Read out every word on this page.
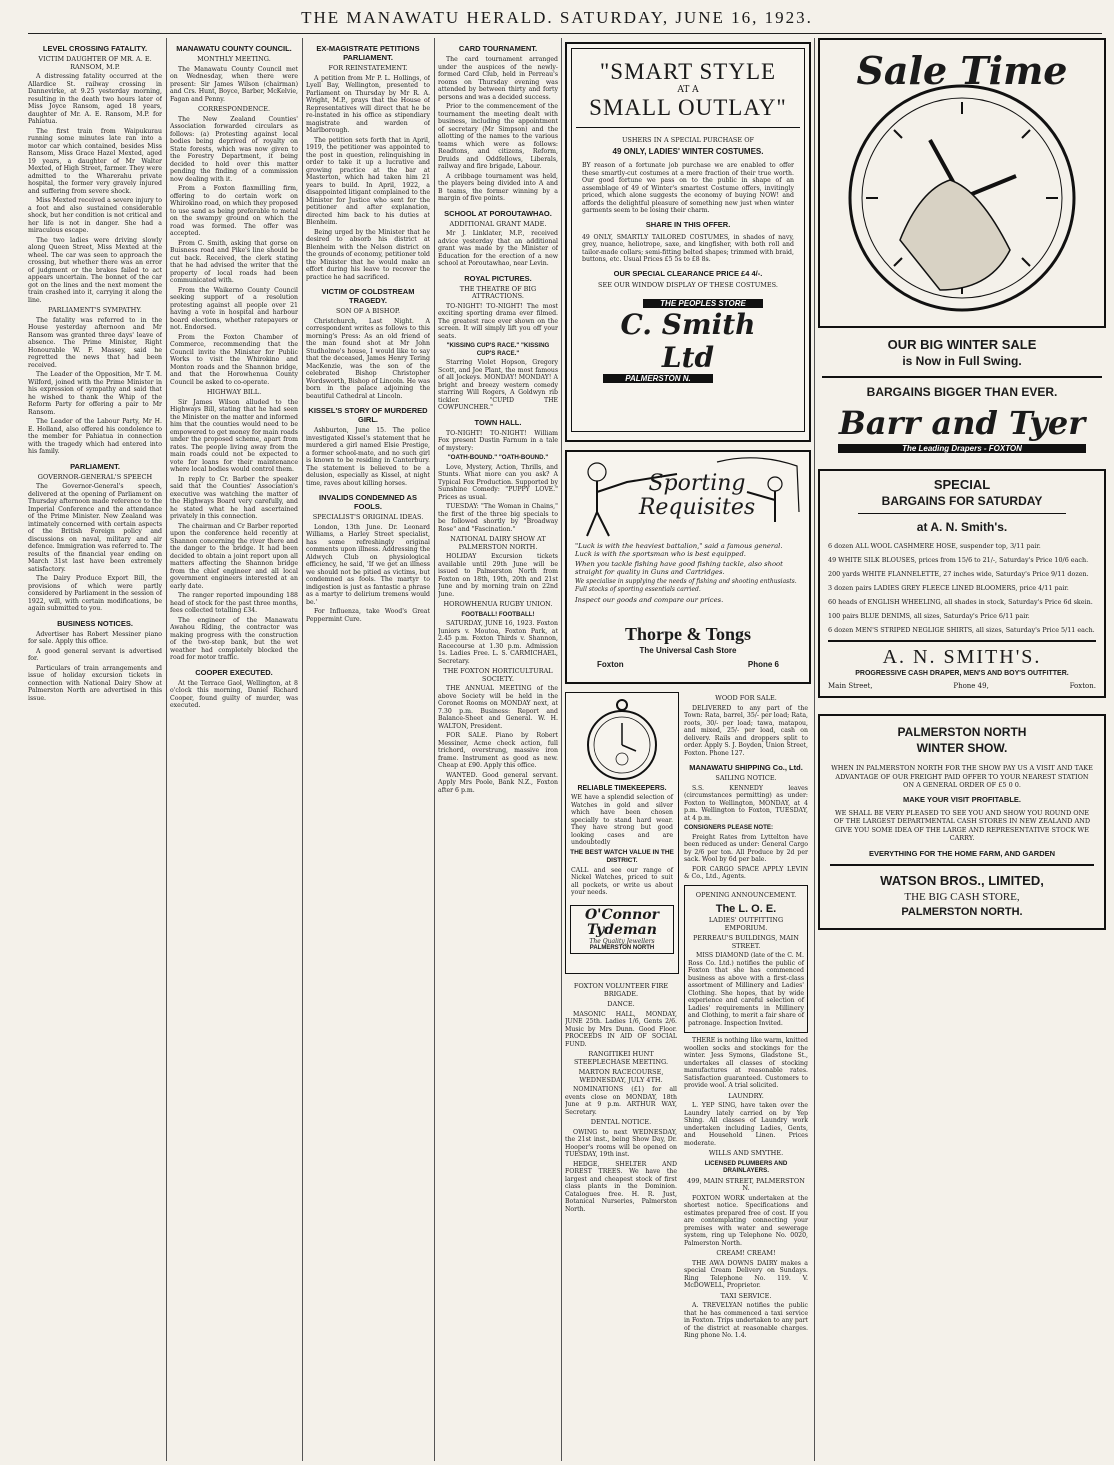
THE MANAWATU HERALD. SATURDAY, JUNE 16, 1923.
LEVEL CROSSING FATALITY.
VICTIM DAUGHTER OF MR. A. E. RANSOM, M.P.

A distressing fatality occurred at the Allardice St. railway crossing in Dannevirke, at 9.25 yesterday morning, resulting in the death two hours later of Miss Joyce Ransom, aged 18 years, daughter of Mr. A. E. Ransom, M.P. for Pahiatua.

The first train from Waipukurau running some minutes late ran into a motor car which contained, besides Miss Ransom, Miss Grace Hazel Mexted, aged 19 years, a daughter of Mr Walter Mexted, of High Street, farmer. They were admitted to the Wharerahu private hospital, the former very gravely injured and suffering from severe shock.

Miss Mexted received a severe injury to a foot and also sustained considerable shock, but her condition is not critical and her life is not in danger. She had a miraculous escape.

The two ladies were driving slowly along Queen Street, Miss Mexted at the wheel. The car was seen to approach the crossing, but whether there was an error of judgment or the brakes failed to act appears uncertain. The bonnet of the car got on the lines and the next moment the train crashed into it, carrying it along the line.

PARLIAMENT'S SYMPATHY.

The fatality was referred to in the House yesterday afternoon and Mr Ransom was granted three days' leave of absence. The Prime Minister, Right Honourable W. F. Massey, said he regretted the news that had been received.

The Leader of the Opposition, Mr T. M. Wilford, joined with the Prime Minister in his expression of sympathy and said that he wished to thank the Whip of the Reform Party for offering a pair to Mr Ransom.

The Leader of the Labour Party, Mr H. E. Holland, also offered his condolence to the member for Pahiatua in connection with the tragedy which had entered into his family.

PARLIAMENT.
GOVERNOR-GENERAL'S SPEECH

The Governor-General's speech, delivered at the opening of Parliament on Thursday afternoon made reference to the Imperial Conference and the attendance of the Prime Minister. New Zealand was intimately concerned with certain aspects of the British Foreign policy and discussions on naval, military and air defence. Immigration was referred to. The results of the financial year ending on March 31st last have been extremely satisfactory.

The Dairy Produce Export Bill, the provisions of which were partly considered by Parliament in the session of 1922, will, with certain modifications, be again submitted to you.

BUSINESS NOTICES.

Advertiser has Robert Messiner piano for sale. Apply this office.

A good general servant is advertised for.

Particulars of train arrangements and issue of holiday excursion tickets in connection with National Dairy Show at Palmerston North are advertised in this issue.

MANAWATU COUNTY COUNCIL.
MONTHLY MEETING.

The Manawatu County Council met on Wednesday, when there were present: Sir James Wilson (chairman) and Crs. Hunt, Boyce, Barber, McKelvie, Fagan and Penny.

CORRESPONDENCE.

The New Zealand Counties' Association forwarded circulars as follows: (a) Protesting against local bodies being deprived of royalty on State forests, which was now given to the Forestry Department, it being decided to hold over this matter pending the finding of a commission now dealing with it.

From a Foxton flaxmilling firm, offering to do certain work on Whirokino road, on which they proposed to use sand as being preferable to metal on the swampy ground on which the road was formed. The offer was accepted.

From C. Smith, asking that gorse on Buisness road and Pike's line should be cut back. Received, the clerk stating that he had advised the writer that the property of local roads had been communicated with.

From the Waikerno County Council seeking support of a resolution protesting against all people over 21 having a vote in hospital and harbour board elections, whether ratepayers or not. Endorsed.

From the Foxton Chamber of Commerce, recommending that the Council invite the Minister for Public Works to visit the Whirokino and Monton roads and the Shannon bridge, and that the Horowhenua County Council be asked to co-operate.

HIGHWAY BILL.

Sir James Wilson alluded to the Highways Bill, stating that he had seen the Minister on the matter and informed him that the counties would need to be empowered to get money for main roads under the proposed scheme, apart from rates. The people living away from the main roads could not be expected to vote for loans for their maintenance where local bodies would control them.

In reply to Cr. Barber the speaker said that the Counties' Association's executive was watching the matter of the Highways Board very carefully, and he stated what he had ascertained privately in this connection.

The chairman and Cr Barber reported upon the conference held recently at Shannon concerning the river there and the danger to the bridge. It had been decided to obtain a joint report upon all matters affecting the Shannon bridge from the chief engineer and all local government engineers interested at an early date.

The ranger reported impounding 188 head of stock for the past three months, fees collected totalling £34.

The engineer of the Manawatu Awahou Riding, the contractor was making progress with the construction of the two-step bank, but the wet weather had completely blocked the road for motor traffic.

COOPER EXECUTED.

At the Terrace Gaol, Wellington, at 8 o'clock this morning, Daniel Richard Cooper, found guilty of murder, was executed.

EX-MAGISTRATE PETITIONS PARLIAMENT.
FOR REINSTATEMENT.

A petition from Mr P. L. Hollings, of Lyell Bay, Wellington, presented to Parliament on Thursday by Mr R. A. Wright, M.P., prays that the House of Representatives will direct that he be re-instated in his office as stipendiary magistrate and warden of Marlborough.

The petition sets forth that in April, 1919, the petitioner was appointed to the post in question, relinquishing in order to take it up a lucrative and growing practice at the bar at Masterton, which had taken him 21 years to build. In April, 1922, a disappointed litigant complained to the Minister for Justice who sent for the petitioner and after explanation, directed him back to his duties at Blenheim.

Being urged by the Minister that he desired to absorb his district at Blenheim with the Nelson district on the grounds of economy, petitioner told the Minister that he would make an effort during his leave to recover the practice he had sacrificed.

VICTIM OF COLDSTREAM TRAGEDY.
SON OF A BISHOP.

Christchurch, Last Night. A correspondent writes as follows to this morning's Press: As an old friend of the man found shot at Mr John Studholme's house, I would like to say that the deceased, James Henry Tering MacKenzie, was the son of the celebrated Bishop Christopher Wordsworth, Bishop of Lincoln. He was born in the palace adjoining the beautiful Cathedral at Lincoln.

KISSEL'S STORY OF MURDERED GIRL.

Ashburton, June 15. The police investigated Kissel's statement that he murdered a girl named Elsie Prestige, a former school-mate, and no such girl is known to be residing in Canterbury. The statement is believed to be a delusion, especially as Kissel, at night time, raves about killing horses.

INVALIDS CONDEMNED AS FOOLS.
SPECIALIST'S ORIGINAL IDEAS.

London, 13th June. Dr. Leonard Williams, a Harley Street specialist, has some refreshingly original comments upon illness. Addressing the Aldwych Club on physiological efficiency, he said, 'If we get an illness we should not be pitied as victims, but condemned as fools. The martyr to indigestion is just as fantastic a phrase as a martyr to delirium tremens would be.'

For Influenza, take Wood's Great Peppermint Cure.

CARD TOURNAMENT.

The card tournament arranged under the auspices of the newly-formed Card Club, held in Perreau's rooms on Thursday evening was attended by between thirty and forty persons and was a decided success.

Prior to the commencement of the tournament the meeting dealt with business, including the appointment of secretary (Mr Simpson) and the allotting of the names to the various teams which were as follows: Readtons, and citizens, Reform, Druids and Oddfellows, Liberals, railway and fire brigade, Labour.

A cribbage tournament was held, the players being divided into A and B teams, the former winning by a margin of five points.

SCHOOL AT POROUTAWHAO.
ADDITIONAL GRANT MADE.

Mr J. Linklater, M.P., received advice yesterday that an additional grant was made by the Minister of Education for the erection of a new school at Poroutawhao, near Levin.

ROYAL PICTURES.
THE THEATRE OF BIG ATTRACTIONS.

TO-NIGHT! TO-NIGHT! The most exciting sporting drama ever filmed. The greatest race ever shown on the screen. It will simply lift you off your seats.

"KISSING CUP'S RACE." "KISSING CUP'S RACE."

Starring Violet Hopson, Gregory Scott, and Joe Plant, the most famous of all Jockeys. MONDAY! MONDAY! A bright and breezy western comedy starring Will Rogers, A Goldwyn rib tickler. "CUPID THE COWPUNCHER."

TOWN HALL.

TO-NIGHT! TO-NIGHT! William Fox present Dustin Farnum in a tale of mystery:

"OATH-BOUND." "OATH-BOUND."

Love, Mystery, Action, Thrills, and Stunts. What more can you ask? A Typical Fox Production. Supported by Sunshine Comedy: "PUPPY LOVE." Prices as usual.

TUESDAY: "The Woman in Chains," the first of the three big specials to be followed shortly by "Broadway Rose" and "Fascination."

NATIONAL DAIRY SHOW AT PALMERSTON NORTH.

HOLIDAY Excursion tickets available until 29th June will be issued to Palmerston North from Foxton on 18th, 19th, 20th and 21st June and by morning train on 22nd June.

HOROWHENUA RUGBY UNION.

FOOTBALL! FOOTBALL!

SATURDAY, JUNE 16, 1923. Foxton Juniors v. Moutoa, Foxton Park, at 2.45 p.m. Foxton Thirds v. Shannon, Racecourse at 1.30 p.m. Admission 1s. Ladies Free. L. S. CARMICHAEL, Secretary.

THE FOXTON HORTICULTURAL SOCIETY.

THE ANNUAL MEETING of the above Society will be held in the Coronet Rooms on MONDAY next, at 7.30 p.m. Business: Report and Balance-Sheet and General. W. H. WALTON, President.

FOR SALE. Piano by Robert Messiner, Acme check action, full trichord, overstrung, massive iron frame. Instrument as good as new. Cheap at £90. Apply this office.

WANTED. Good general servant. Apply Mrs Poole, Bank N.Z., Foxton after 6 p.m.

"SMART STYLE
AT A
SMALL OUTLAY"
USHERS IN A SPECIAL PURCHASE OF
49 ONLY, LADIES' WINTER COSTUMES.
BY reason of a fortunate job purchase we are enabled to offer these smartly-cut costumes at a mere fraction of their true worth. Our good fortune we pass on to the public in shape of an assemblage of 49 of Winter's smartest Costume offers, invitingly priced, which alone suggests the economy of buying NOW! and affords the delightful pleasure of something new just when winter garments seem to be losing their charm.
SHARE IN THIS OFFER.
49 ONLY, SMARTLY TAILORED COSTUMES, in shades of navy, grey, nuance, heliotrope, saxe, and kingfisher, with both roll and tailor-made collars; semi-fitting belted shapes; trimmed with braid, buttons, etc. Usual Prices £5 5s to £8 8s.
OUR SPECIAL CLEARANCE PRICE £4 4/-.
SEE OUR WINDOW DISPLAY OF THESE COSTUMES.
THE PEOPLES STORE
C. Smith Ltd
PALMERSTON N.
Sporting
Requisites
"Luck is with the heaviest battalion," said a famous general. Luck is with the sportsman who is best equipped.
When you tackle fishing have good fishing tackle, also shoot straight for quality in Guns and Cartridges.
We specialise in supplying the needs of fishing and shooting enthusiasts. Full stocks of sporting essentials carried.
Inspect our goods and compare our prices.
Thorpe & Tongs
The Universal Cash Store
Foxton	Phone 6
RELIABLE TIMEKEEPERS.
WE have a splendid selection of Watches in gold and silver which have been chosen specially to stand hard wear. They have strong but good looking cases and are undoubtedly
THE BEST WATCH VALUE IN THE DISTRICT.
CALL and see our range of Nickel Watches, priced to suit all pockets, or write us about your needs.
O'Connor
Tydeman
The Quality Jewellers
PALMERSTON NORTH
FOXTON VOLUNTEER FIRE BRIGADE.
DANCE.

MASONIC HALL, MONDAY, JUNE 25th. Ladies 1/6, Gents 2/6. Music by Mrs Dunn. Good Floor. PROCEEDS IN AID OF SOCIAL FUND.

RANGITIKEI HUNT STEEPLECHASE MEETING.
MARTON RACECOURSE, WEDNESDAY, JULY 4TH.

NOMINATIONS (£1) for all events close on MONDAY, 18th June at 9 p.m. ARTHUR WAY, Secretary.

DENTAL NOTICE.

OWING to next WEDNESDAY, the 21st inst., being Show Day, Dr. Hooper's rooms will be opened on TUESDAY, 19th inst.

HEDGE, SHELTER AND FOREST TREES. We have the largest and cheapest stock of first class plants in the Dominion. Catalogues free. H. R. Just, Botanical Nurseries, Palmerston North.

WOOD FOR SALE.

DELIVERED to any part of the Town: Rata, barrel, 35/- per load; Rata, roots, 30/- per load; tawa, matapou, and mixed, 25/- per load, cash on delivery. Rails and droppers split to order. Apply S. J. Boyden, Union Street, Foxton. Phone 127.

MANAWATU SHIPPING Co., Ltd.
SAILING NOTICE.

S.S. KENNEDY leaves (circumstances permitting) as under: Foxton to Wellington, MONDAY, at 4 p.m. Wellington to Foxton, TUESDAY, at 4 p.m.

CONSIGNERS PLEASE NOTE:

Freight Rates from Lyttelton have been reduced as under: General Cargo by 2/6 per ton. All Produce by 2d per sack. Wool by 6d per bale.

FOR CARGO SPACE APPLY LEVIN & Co., Ltd., Agents.

OPENING ANNOUNCEMENT.
The L. O. E.
LADIES' OUTFITTING EMPORIUM.
PERREAU'S BUILDINGS, MAIN STREET.

MISS DIAMOND (late of the C. M. Ross Co. Ltd.) notifies the public of Foxton that she has commenced business as above with a first-class assortment of Millinery and Ladies' Clothing. She hopes, that by wide experience and careful selection of Ladies' requirements in Millinery and Clothing, to merit a fair share of patronage. Inspection Invited.

THERE is nothing like warm, knitted woollen socks and stockings for the winter. Jess Symons, Gladstone St., undertakes all classes of stocking manufactures at reasonable rates. Satisfaction guaranteed. Customers to provide wool. A trial solicited.

LAUNDRY.

L. YEP SING, have taken over the Laundry lately carried on by Yep Shing. All classes of Laundry work undertaken including Ladies, Gents, and Household Linen. Prices moderate.

WILLS AND SMYTHE.

LICENSED PLUMBERS AND DRAINLAYERS.

499, MAIN STREET, PALMERSTON N.

FOXTON WORK undertaken at the shortest notice. Specifications and estimates prepared free of cost. If you are contemplating connecting your premises with water and sewerage system, ring up Telephone No. 0020, Palmerston North.

CREAM! CREAM!

THE AWA DOWNS DAIRY makes a special Cream Delivery on Sundays. Ring Telephone No. 119. V. McDOWELL, Proprietor.

TAXI SERVICE.

A. TREVELYAN notifies the public that he has commenced a taxi service in Foxton. Trips undertaken to any part of the district at reasonable charges. Ring phone No. 1.4.

Sale Time
OUR BIG WINTER SALE
is Now in Full Swing.
BARGAINS BIGGER THAN EVER.
Barr and Tyer
The Leading Drapers - FOXTON
SPECIAL
BARGAINS FOR SATURDAY
at A. N. Smith's.
6 dozen ALL WOOL CASHMERE HOSE, suspender top, 3/11 pair.
49 WHITE SILK BLOUSES, prices from 15/6 to 21/-, Saturday's Price 10/6 each.
200 yards WHITE FLANNELETTE, 27 inches wide, Saturday's Price 9/11 dozen.
3 dozen pairs LADIES GREY FLEECE LINED BLOOMERS, price 4/11 pair.
60 heads of ENGLISH WHEELING, all shades in stock, Saturday's Price 6d skein.
100 pairs BLUE DENIMS, all sizes, Saturday's Price 6/11 pair.
6 dozen MEN'S STRIPED NEGLIGE SHIRTS, all sizes, Saturday's Price 5/11 each.
A. N. SMITH'S.
PROGRESSIVE CASH DRAPER, MEN'S AND BOY'S OUTFITTER.
Main Street,	Phone 49,	Foxton.
PALMERSTON NORTH
WINTER SHOW.
WHEN IN PALMERSTON NORTH FOR THE SHOW PAY US A VISIT AND TAKE ADVANTAGE OF OUR FREIGHT PAID OFFER TO YOUR NEAREST STATION ON A GENERAL ORDER OF £5 0 0.
MAKE YOUR VISIT PROFITABLE.
WE SHALL BE VERY PLEASED TO SEE YOU AND SHOW YOU ROUND ONE OF THE LARGEST DEPARTMENTAL CASH STORES IN NEW ZEALAND AND GIVE YOU SOME IDEA OF THE LARGE AND REPRESENTATIVE STOCK WE CARRY.
EVERYTHING FOR THE HOME FARM, AND GARDEN
WATSON BROS., LIMITED,
THE BIG CASH STORE,
PALMERSTON NORTH.
